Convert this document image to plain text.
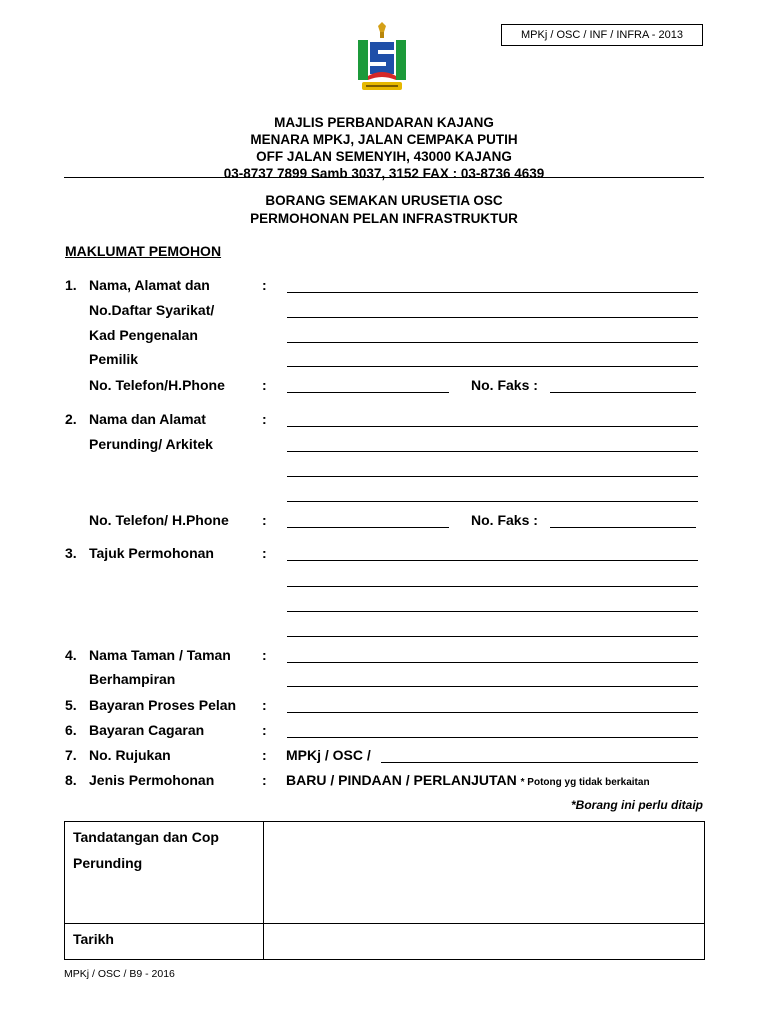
MPKj / OSC / INF / INFRA - 2013
MAJLIS PERBANDARAN KAJANG
MENARA MPKJ, JALAN CEMPAKA PUTIH
OFF JALAN SEMENYIH, 43000 KAJANG
03-8737 7899 Samb 3037, 3152 FAX : 03-8736 4639
BORANG SEMAKAN URUSETIA OSC
PERMOHONAN PELAN INFRASTRUKTUR
MAKLUMAT PEMOHON
1. Nama, Alamat dan	:
No.Daftar Syarikat/
Kad Pengenalan
Pemilik
No. Telefon/H.Phone	:	No. Faks :
2. Nama dan Alamat	:
Perunding/ Arkitek
No. Telefon/ H.Phone :	No. Faks :
3. Tajuk Permohonan	:
4. Nama Taman / Taman :
Berhampiran
5. Bayaran Proses Pelan :
6. Bayaran Cagaran	:
7. No. Rujukan	: MPKj / OSC /
8. Jenis Permohonan	: BARU / PINDAAN / PERLANJUTAN * Potong yg tidak berkaitan
*Borang ini perlu ditaip
Tandatangan dan Cop
Perunding
Tarikh
MPKj / OSC / B9 - 2016
